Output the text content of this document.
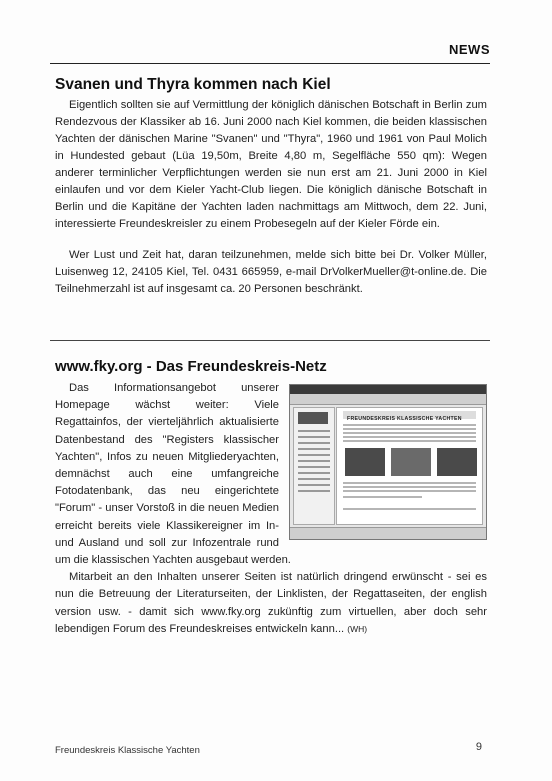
NEWS
Svanen und Thyra kommen nach Kiel

Eigentlich sollten sie auf Vermittlung der königlich dänischen Botschaft in Berlin zum Rendezvous der Klassiker ab 16. Juni 2000 nach Kiel kommen, die beiden klassischen Yachten der dänischen Marine "Svanen" und "Thyra", 1960 und 1961 von Paul Molich in Hundested gebaut (Lüa 19,50m, Breite 4,80 m, Segelfläche 550 qm): Wegen anderer terminlicher Verpflichtungen werden sie nun erst am 21. Juni 2000 in Kiel einlaufen und vor dem Kieler Yacht-Club liegen. Die königlich dänische Botschaft in Berlin und die Kapitäne der Yachten laden nachmittags am Mittwoch, dem 22. Juni, interessierte Freundeskreisler zu einem Probesegeln auf der Kieler Förde ein.

Wer Lust und Zeit hat, daran teilzunehmen, melde sich bitte bei Dr. Volker Müller, Luisenweg 12, 24105 Kiel, Tel. 0431 665959, e-mail DrVolkerMueller@t-online.de. Die Teilnehmerzahl ist auf insgesamt ca. 20 Personen beschränkt.

www.fky.org - Das Freundeskreis-Netz
FREUNDESKREIS KLASSISCHE YACHTEN

Das Informationsangebot unserer Homepage wächst weiter: Viele Regattainfos, der vierteljährlich aktualisierte Datenbestand des "Registers klassischer Yachten", Infos zu neuen Mitgliederyachten, demnächst auch eine umfangreiche Fotodatenbank, das neu eingerichtete "Forum" - unser Vorstoß in die neuen Medien erreicht bereits viele Klassikereigner im In- und Ausland und soll zur Infozentrale rund um die klassischen Yachten ausgebaut werden.

Mitarbeit an den Inhalten unserer Seiten ist natürlich dringend erwünscht - sei es nun die Betreuung der Literaturseiten, der Linklisten, der Regattaseiten, der english version usw. - damit sich www.fky.org zukünftig zum virtuellen, aber doch sehr lebendigen Forum des Freundeskreises entwickeln kann... (WH)

Freundeskreis Klassische Yachten	9
